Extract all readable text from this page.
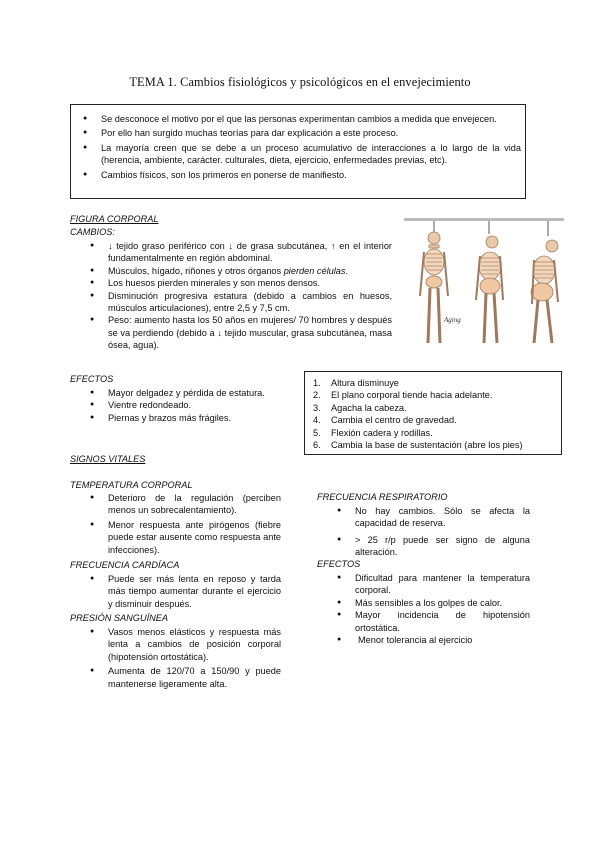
TEMA 1. Cambios fisiológicos y psicológicos en el envejecimiento
● Se desconoce el motivo por el que las personas experimentan cambios a medida que envejecen.
● Por ello han surgido muchas teorías para dar explicación a este proceso.
● La mayoría creen que se debe a un proceso acumulativo de interacciones a lo largo de la vida (herencia, ambiente, carácter. culturales, dieta, ejercicio, enfermedades previas, etc).
● Cambios físicos, son los primeros en ponerse de manifiesto.
FIGURA CORPORAL
CAMBIOS:
● ↓ tejido graso periférico con ↓ de grasa subcutánea, ↑ en el interior fundamentalmente en región abdominal.
● Músculos, hígado, riñones y otros órganos pierden células.
● Los huesos pierden minerales y son menos densos.
● Disminución progresiva estatura (debido a cambios en huesos, músculos articulaciones), entre 2,5 y 7,5 cm.
● Peso: aumento hasta los 50 años en mujeres/ 70 hombres y después se va perdiendo (debido a ↓ tejido muscular, grasa subcutánea, masa ósea, agua).
Aging
EFECTOS
● Mayor delgadez y pérdida de estatura.
● Vientre redondeado.
● Piernas y brazos más frágiles.
1. Altura disminuye
2. El plano corporal tiende hacia adelante.
3. Agacha la cabeza.
4. Cambia el centro de gravedad.
5. Flexión cadera y rodillas.
6. Cambia la base de sustentación (abre los pies)
SIGNOS VITALES
TEMPERATURA CORPORAL
● Deterioro de la regulación (perciben menos un sobrecalentamiento).
● Menor respuesta ante pirógenos (fiebre puede estar ausente como respuesta ante infecciones).
FRECUENCIA CARDÍACA
● Puede ser más lenta en reposo y tarda más tiempo aumentar durante el ejercicio y disminuir después.
PRESIÓN SANGUÍNEA
● Vasos menos elásticos y respuesta más lenta a cambios de posición corporal (hipotensión ortostática).
● Aumenta de 120/70 a 150/90 y puede mantenerse ligeramente alta.
FRECUENCIA RESPIRATORIO
● No hay cambios. Sólo se afecta la capacidad de reserva.
● > 25 r/p puede ser signo de alguna alteración.
EFECTOS
● Dificultad para mantener la temperatura corporal.
● Más sensibles a los golpes de calor.
● Mayor incidencia de hipotensión ortostática.
● Menor tolerancia al ejercicio
